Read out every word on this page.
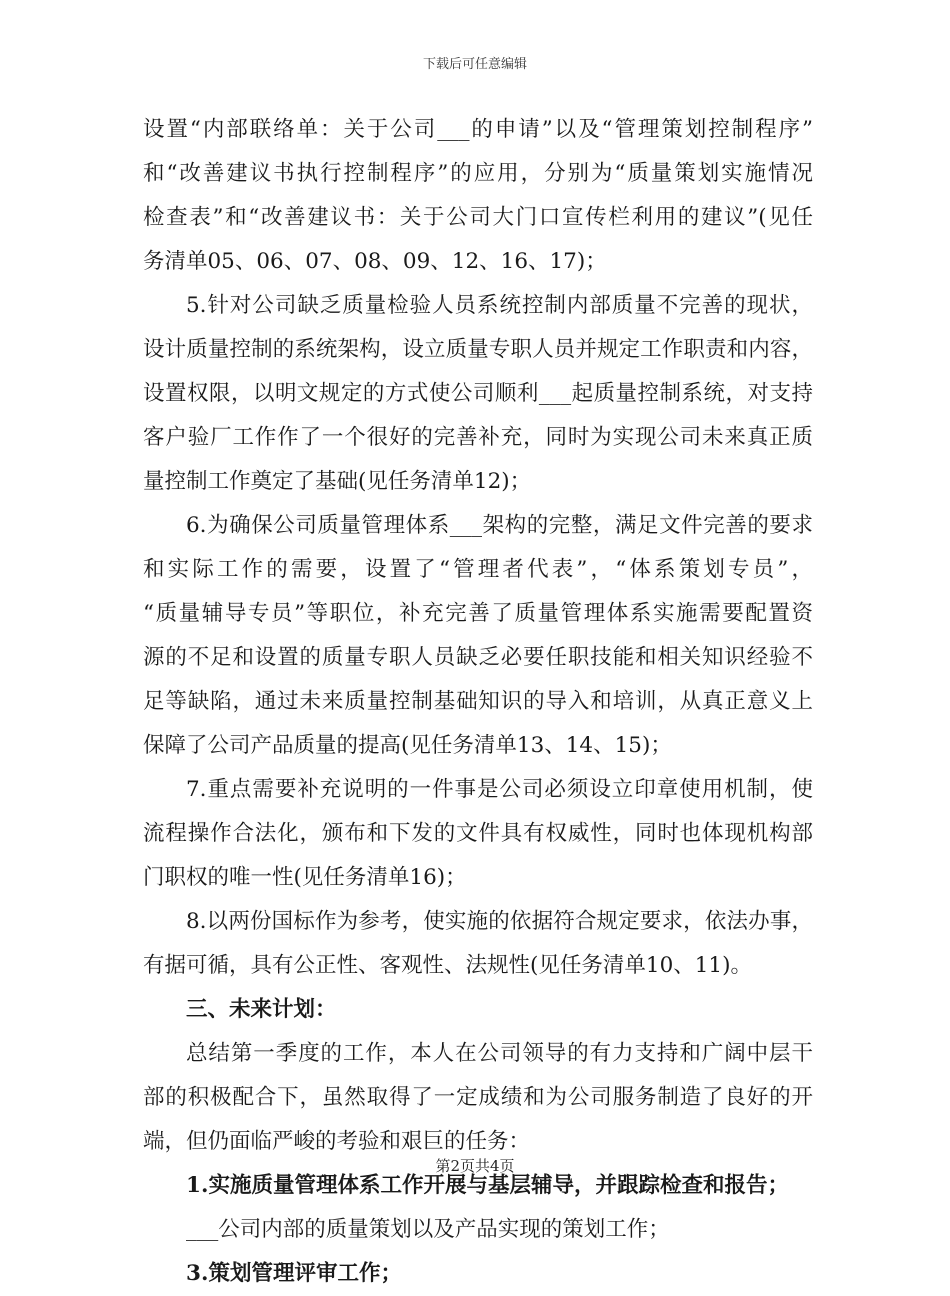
下载后可任意编辑
设置“内部联络单：关于公司___的申请”以及“管理策划控制程序”
和“改善建议书执行控制程序”的应用，分别为“质量策划实施情况
检查表”和“改善建议书：关于公司大门口宣传栏利用的建议”(见任
务清单05、06、07、08、09、12、16、17)；
5.针对公司缺乏质量检验人员系统控制内部质量不完善的现状，
设计质量控制的系统架构，设立质量专职人员并规定工作职责和内容，
设置权限，以明文规定的方式使公司顺利___起质量控制系统，对支持
客户验厂工作作了一个很好的完善补充，同时为实现公司未来真正质
量控制工作奠定了基础(见任务清单12)；
6.为确保公司质量管理体系___架构的完整，满足文件完善的要求
和实际工作的需要，设置了“管理者代表”，“体系策划专员”，
“质量辅导专员”等职位，补充完善了质量管理体系实施需要配置资
源的不足和设置的质量专职人员缺乏必要任职技能和相关知识经验不
足等缺陷，通过未来质量控制基础知识的导入和培训，从真正意义上
保障了公司产品质量的提高(见任务清单13、14、15)；
7.重点需要补充说明的一件事是公司必须设立印章使用机制，使
流程操作合法化，颁布和下发的文件具有权威性，同时也体现机构部
门职权的唯一性(见任务清单16)；
8.以两份国标作为参考，使实施的依据符合规定要求，依法办事，
有据可循，具有公正性、客观性、法规性(见任务清单10、11)。
三、未来计划：
总结第一季度的工作，本人在公司领导的有力支持和广阔中层干
部的积极配合下，虽然取得了一定成绩和为公司服务制造了良好的开
端，但仍面临严峻的考验和艰巨的任务：
1.实施质量管理体系工作开展与基层辅导，并跟踪检查和报告；
___公司内部的质量策划以及产品实现的策划工作；
3.策划管理评审工作；
第2页共4页
